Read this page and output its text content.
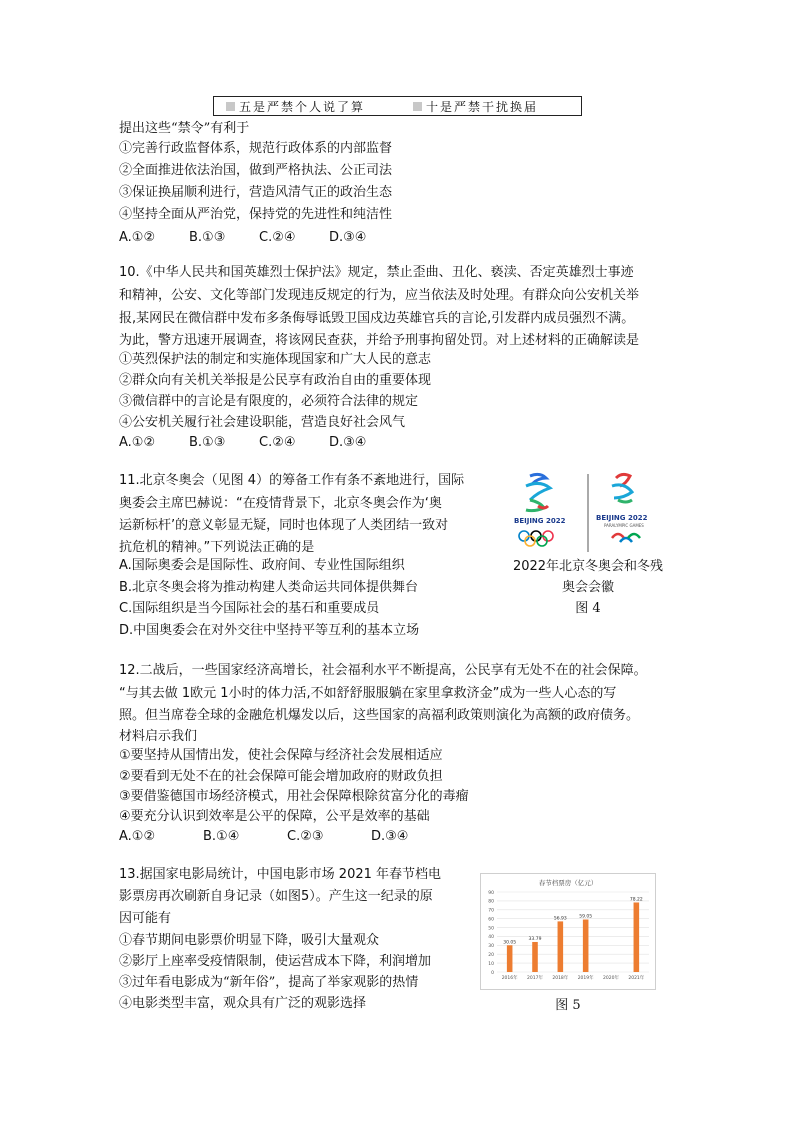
五是严禁个人说了算	十是严禁干扰换届
提出这些“禁令”有利于
①完善行政监督体系，规范行政体系的内部监督
②全面推进依法治国，做到严格执法、公正司法
③保证换届顺利进行，营造风清气正的政治生态
④坚持全面从严治党，保持党的先进性和纯洁性
A.①②	B.①③	C.②④	D.③④
10.《中华人民共和国英雄烈士保护法》规定，禁止歪曲、丑化、亵渎、否定英雄烈士事迹
和精神，公安、文化等部门发现违反规定的行为，应当依法及时处理。有群众向公安机关举
报,某网民在微信群中发布多条侮辱诋毁卫国戍边英雄官兵的言论,引发群内成员强烈不满。
为此，警方迅速开展调查，将该网民查获，并给予刑事拘留处罚。对上述材料的正确解读是
①英烈保护法的制定和实施体现国家和广大人民的意志
②群众向有关机关举报是公民享有政治自由的重要体现
③微信群中的言论是有限度的，必须符合法律的规定
④公安机关履行社会建设职能，营造良好社会风气
A.①②	B.①③	C.②④	D.③④
11.北京冬奥会（见图 4）的筹备工作有条不紊地进行，国际
奥委会主席巴赫说：“在疫情背景下，北京冬奥会作为‘奥
运新标杆’的意义彰显无疑，同时也体现了人类团结一致对
抗危机的精神。”下列说法正确的是
A.国际奥委会是国际性、政府间、专业性国际组织
B.北京冬奥会将为推动构建人类命运共同体提供舞台
C.国际组织是当今国际社会的基石和重要成员
D.中国奥委会在对外交往中坚持平等互利的基本立场
BEIJING 2022	BEIJING 2022
PARALYMPIC GAMES
2022年北京冬奥会和冬残
奥会会徽
图 4
12.二战后，一些国家经济高增长，社会福利水平不断提高，公民享有无处不在的社会保障。
“与其去做 1欧元 1小时的体力活,不如舒舒服服躺在家里拿救济金”成为一些人心态的写
照。但当席卷全球的金融危机爆发以后，这些国家的高福利政策则演化为高额的政府债务。
材料启示我们
①要坚持从国情出发，使社会保障与经济社会发展相适应
②要看到无处不在的社会保障可能会增加政府的财政负担
③要借鉴德国市场经济模式，用社会保障根除贫富分化的毒瘤
④要充分认识到效率是公平的保障，公平是效率的基础
A.①②	B.①④	C.②③	D.③④
13.据国家电影局统计，中国电影市场 2021 年春节档电
影票房再次刷新自身记录（如图5）。产生这一纪录的原
因可能有
①春节期间电影票价明显下降，吸引大量观众
②影厅上座率受疫情限制，使运营成本下降，利润增加
③过年看电影成为“新年俗”，提高了举家观影的热情
④电影类型丰富，观众具有广泛的观影选择
春节档票房（亿元）
0
10
20
30
40
50
60
70
80
90
30.05
2016年
33.79
2017年
56.93
2018年
59.05
2019年 2020年
78.22
2021年
图 5
